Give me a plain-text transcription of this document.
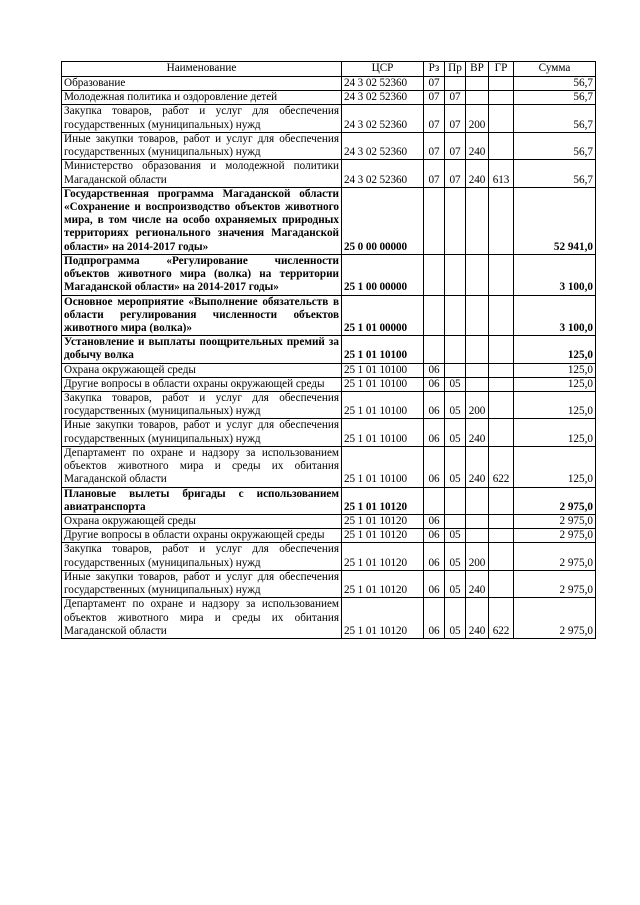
Наименование	ЦСР	Рз	Пр	ВР	ГР	Сумма
Образование	24 3 02 52360	07				56,7
Молодежная политика и оздоровление детей	24 3 02 52360	07	07			56,7
Закупка товаров, работ и услуг для обеспечения государственных (муниципальных) нужд	24 3 02 52360	07	07	200		56,7
Иные закупки товаров, работ и услуг для обеспечения государственных (муниципальных) нужд	24 3 02 52360	07	07	240		56,7
Министерство образования и молодежной политики Магаданской области	24 3 02 52360	07	07	240	613	56,7
Государственная программа Магаданской области «Сохранение и воспроизводство объектов животного мира, в том числе на особо охраняемых природных территориях регионального значения Магаданской области» на 2014-2017 годы»	25 0 00 00000					52 941,0
Подпрограмма «Регулирование численности объектов животного мира (волка) на территории Магаданской области» на 2014-2017 годы»	25 1 00 00000					3 100,0
Основное мероприятие «Выполнение обязательств в области регулирования численности объектов животного мира (волка)»	25 1 01 00000					3 100,0
Установление и выплаты поощрительных премий за добычу волка	25 1 01 10100					125,0
Охрана окружающей среды	25 1 01 10100	06				125,0
Другие вопросы в области охраны окружающей среды	25 1 01 10100	06	05			125,0
Закупка товаров, работ и услуг для обеспечения государственных (муниципальных) нужд	25 1 01 10100	06	05	200		125,0
Иные закупки товаров, работ и услуг для обеспечения государственных (муниципальных) нужд	25 1 01 10100	06	05	240		125,0
Департамент по охране и надзору за использованием объектов животного мира и среды их обитания Магаданской области	25 1 01 10100	06	05	240	622	125,0
Плановые вылеты бригады с использованием авиатранспорта	25 1 01 10120					2 975,0
Охрана окружающей среды	25 1 01 10120	06				2 975,0
Другие вопросы в области охраны окружающей среды	25 1 01 10120	06	05			2 975,0
Закупка товаров, работ и услуг для обеспечения государственных (муниципальных) нужд	25 1 01 10120	06	05	200		2 975,0
Иные закупки товаров, работ и услуг для обеспечения государственных (муниципальных) нужд	25 1 01 10120	06	05	240		2 975,0
Департамент по охране и надзору за использованием объектов животного мира и среды их обитания Магаданской области	25 1 01 10120	06	05	240	622	2 975,0
